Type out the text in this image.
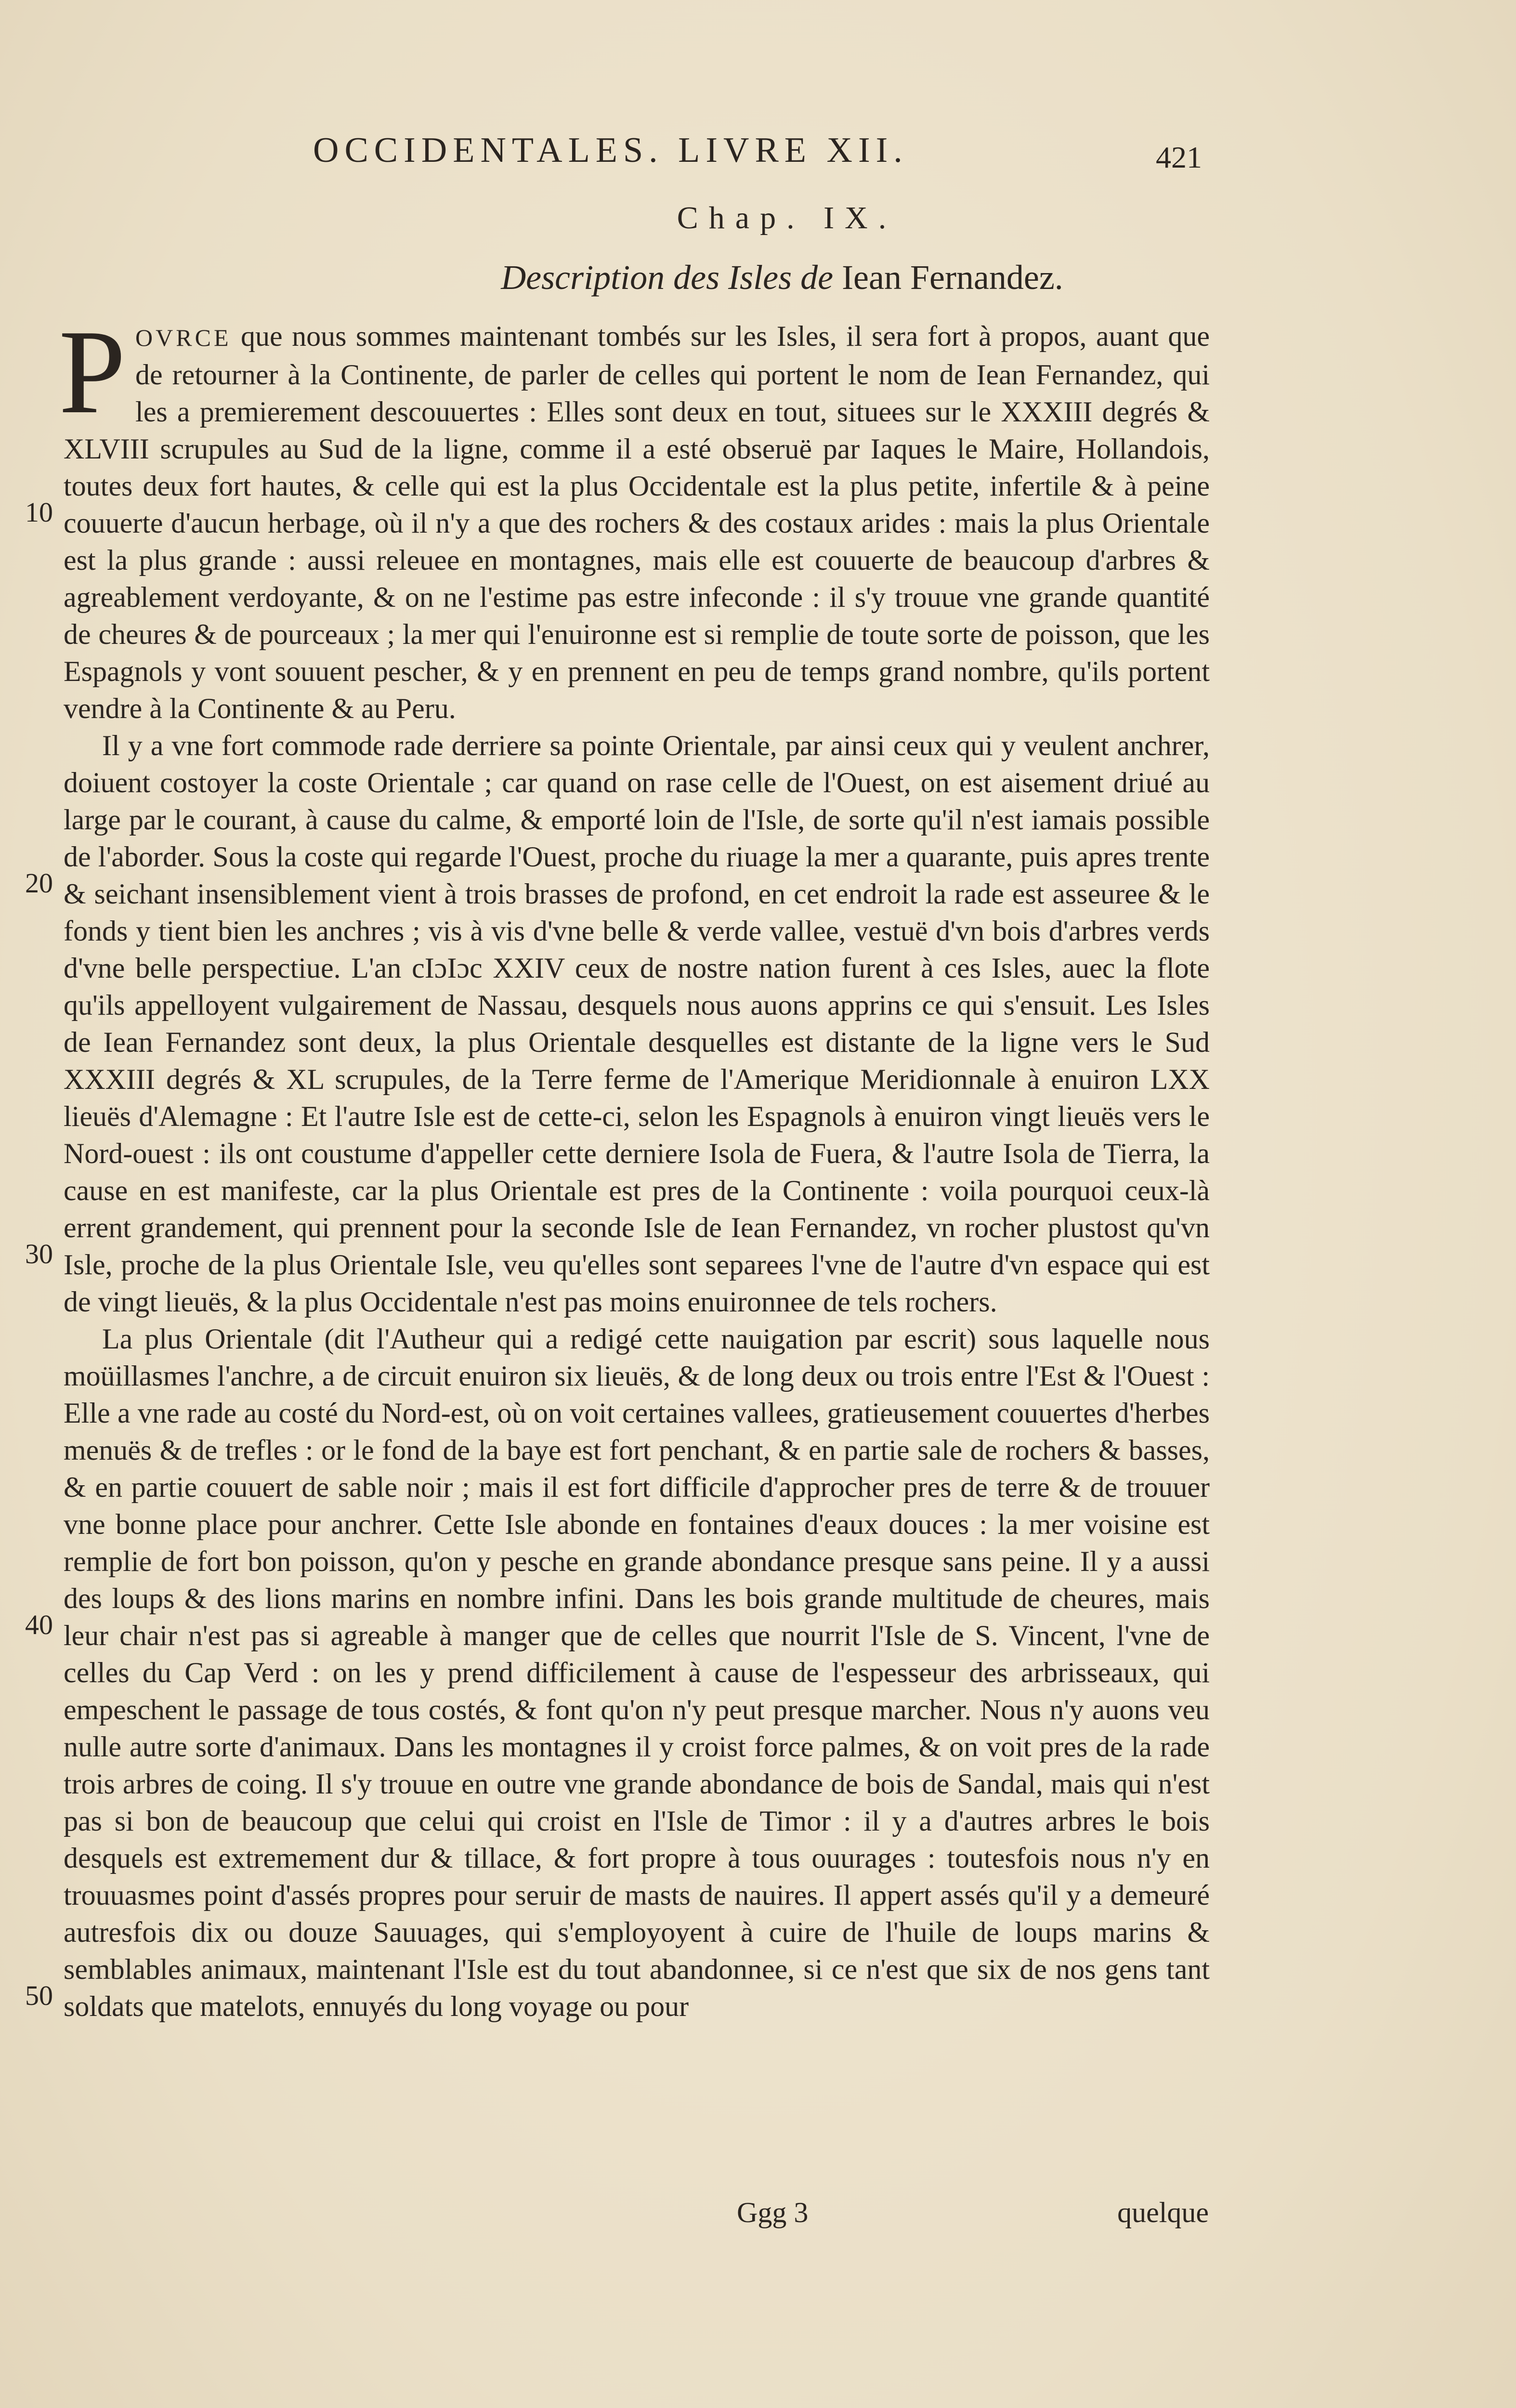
OCCIDENTALES. LIVRE XII.	421
Chap. IX.
Description des Isles de Iean Fernandez.

POVRCE que nous sommes maintenant tombés sur les Isles, il sera fort à propos, auant que de retourner à la Continente, de parler de celles qui portent le nom de Iean Fernandez, qui les a premierement descouuertes : Elles sont deux en tout, situees sur le XXXIII degrés & XLVIII scrupules au Sud de la ligne, comme il a esté obseruë par Iaques le Maire, Hollandois, toutes deux fort hautes, & celle qui est la plus Occidentale est la plus petite, infertile & à peine couuerte d'aucun herbage, où il n'y a que des rochers & des costaux arides : mais la plus Orientale est la plus grande : aussi releuee en montagnes, mais elle est couuerte de beaucoup d'arbres & agreablement verdoyante, & on ne l'estime pas estre infeconde : il s'y trouue vne grande quantité de cheures & de pourceaux ; la mer qui l'enuironne est si remplie de toute sorte de poisson, que les Espagnols y vont souuent pescher, & y en prennent en peu de temps grand nombre, qu'ils portent vendre à la Continente & au Peru.

Il y a vne fort commode rade derriere sa pointe Orientale, par ainsi ceux qui y veulent anchrer, doiuent costoyer la coste Orientale ; car quand on rase celle de l'Ouest, on est aisement driué au large par le courant, à cause du calme, & emporté loin de l'Isle, de sorte qu'il n'est iamais possible de l'aborder. Sous la coste qui regarde l'Ouest, proche du riuage la mer a quarante, puis apres trente & seichant insensiblement vient à trois brasses de profond, en cet endroit la rade est asseuree & le fonds y tient bien les anchres ; vis à vis d'vne belle & verde vallee, vestuë d'vn bois d'arbres verds d'vne belle perspectiue. L'an cIɔIɔc XXIV ceux de nostre nation furent à ces Isles, auec la flote qu'ils appelloyent vulgairement de Nassau, desquels nous auons apprins ce qui s'ensuit. Les Isles de Iean Fernandez sont deux, la plus Orientale desquelles est distante de la ligne vers le Sud XXXIII degrés & XL scrupules, de la Terre ferme de l'Amerique Meridionnale à enuiron LXX lieuës d'Alemagne : Et l'autre Isle est de cette-ci, selon les Espagnols à enuiron vingt lieuës vers le Nord-ouest : ils ont coustume d'appeller cette derniere Isola de Fuera, & l'autre Isola de Tierra, la cause en est manifeste, car la plus Orientale est pres de la Continente : voila pourquoi ceux-là errent grandement, qui prennent pour la seconde Isle de Iean Fernandez, vn rocher plustost qu'vn Isle, proche de la plus Orientale Isle, veu qu'elles sont separees l'vne de l'autre d'vn espace qui est de vingt lieuës, & la plus Occidentale n'est pas moins enuironnee de tels rochers.

La plus Orientale (dit l'Autheur qui a redigé cette nauigation par escrit) sous laquelle nous moüillasmes l'anchre, a de circuit enuiron six lieuës, & de long deux ou trois entre l'Est & l'Ouest : Elle a vne rade au costé du Nord-est, où on voit certaines vallees, gratieusement couuertes d'herbes menuës & de trefles : or le fond de la baye est fort penchant, & en partie sale de rochers & basses, & en partie couuert de sable noir ; mais il est fort difficile d'approcher pres de terre & de trouuer vne bonne place pour anchrer. Cette Isle abonde en fontaines d'eaux douces : la mer voisine est remplie de fort bon poisson, qu'on y pesche en grande abondance presque sans peine. Il y a aussi des loups & des lions marins en nombre infini. Dans les bois grande multitude de cheures, mais leur chair n'est pas si agreable à manger que de celles que nourrit l'Isle de S. Vincent, l'vne de celles du Cap Verd : on les y prend difficilement à cause de l'espesseur des arbrisseaux, qui empeschent le passage de tous costés, & font qu'on n'y peut presque marcher. Nous n'y auons veu nulle autre sorte d'animaux. Dans les montagnes il y croist force palmes, & on voit pres de la rade trois arbres de coing. Il s'y trouue en outre vne grande abondance de bois de Sandal, mais qui n'est pas si bon de beaucoup que celui qui croist en l'Isle de Timor : il y a d'autres arbres le bois desquels est extremement dur & tillace, & fort propre à tous ouurages : toutesfois nous n'y en trouuasmes point d'assés propres pour seruir de masts de nauires. Il appert assés qu'il y a demeuré autresfois dix ou douze Sauuages, qui s'employoyent à cuire de l'huile de loups marins & semblables animaux, maintenant l'Isle est du tout abandonnee, si ce n'est que six de nos gens tant soldats que matelots, ennuyés du long voyage ou pour

10
20
30
40
50
Ggg 3	quelque
